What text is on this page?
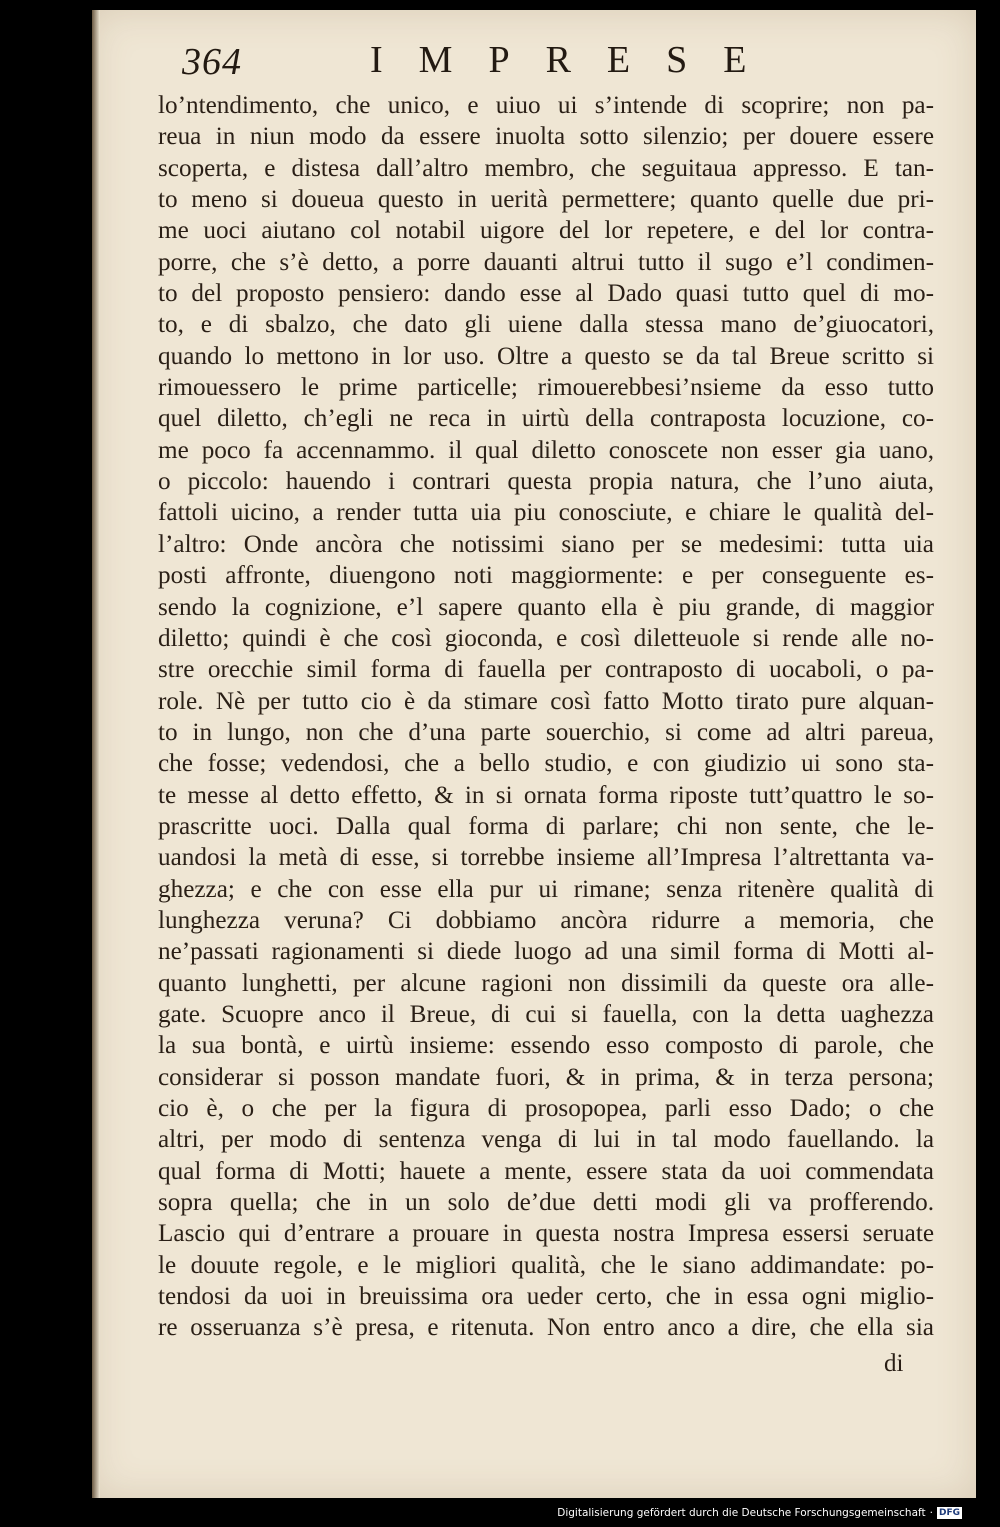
364	IMPRESE
lo’ntendimento, che unico, e uiuo ui s’intende di scoprire; non pa-
reua in niun modo da essere inuolta sotto silenzio; per douere essere
scoperta, e distesa dall’altro membro, che seguitaua appresso. E tan-
to meno si doueua questo in uerità permettere; quanto quelle due pri-
me uoci aiutano col notabil uigore del lor repetere, e del lor contra-
porre, che s’è detto, a porre dauanti altrui tutto il sugo e’l condimen-
to del proposto pensiero: dando esse al Dado quasi tutto quel di mo-
to, e di sbalzo, che dato gli uiene dalla stessa mano de’giuocatori,
quando lo mettono in lor uso. Oltre a questo se da tal Breue scritto si
rimouessero le prime particelle; rimouerebbesi’nsieme da esso tutto
quel diletto, ch’egli ne reca in uirtù della contraposta locuzione, co-
me poco fa accennammo. il qual diletto conoscete non esser gia uano,
o piccolo: hauendo i contrari questa propia natura, che l’uno aiuta,
fattoli uicino, a render tutta uia piu conosciute, e chiare le qualità del-
l’altro: Onde ancòra che notissimi siano per se medesimi: tutta uia
posti affronte, diuengono noti maggiormente: e per conseguente es-
sendo la cognizione, e’l sapere quanto ella è piu grande, di maggior
diletto; quindi è che così gioconda, e così diletteuole si rende alle no-
stre orecchie simil forma di fauella per contraposto di uocaboli, o pa-
role. Nè per tutto cio è da stimare così fatto Motto tirato pure alquan-
to in lungo, non che d’una parte souerchio, si come ad altri pareua,
che fosse; vedendosi, che a bello studio, e con giudizio ui sono sta-
te messe al detto effetto, & in si ornata forma riposte tutt’quattro le so-
prascritte uoci. Dalla qual forma di parlare; chi non sente, che le-
uandosi la metà di esse, si torrebbe insieme all’Impresa l’altrettanta va-
ghezza; e che con esse ella pur ui rimane; senza ritenère qualità di
lunghezza veruna? Ci dobbiamo ancòra ridurre a memoria, che
ne’passati ragionamenti si diede luogo ad una simil forma di Motti al-
quanto lunghetti, per alcune ragioni non dissimili da queste ora alle-
gate. Scuopre anco il Breue, di cui si fauella, con la detta uaghezza
la sua bontà, e uirtù insieme: essendo esso composto di parole, che
considerar si posson mandate fuori, & in prima, & in terza persona;
cio è, o che per la figura di prosopopea, parli esso Dado; o che
altri, per modo di sentenza venga di lui in tal modo fauellando. la
qual forma di Motti; hauete a mente, essere stata da uoi commendata
sopra quella; che in un solo de’due detti modi gli va profferendo.
Lascio qui d’entrare a prouare in questa nostra Impresa essersi seruate
le douute regole, e le migliori qualità, che le siano addimandate: po-
tendosi da uoi in breuissima ora ueder certo, che in essa ogni miglio-
re osseruanza s’è presa, e ritenuta. Non entro anco a dire, che ella sia
di
Digitalisierung gefördert durch die Deutsche Forschungsgemeinschaft · DFG
